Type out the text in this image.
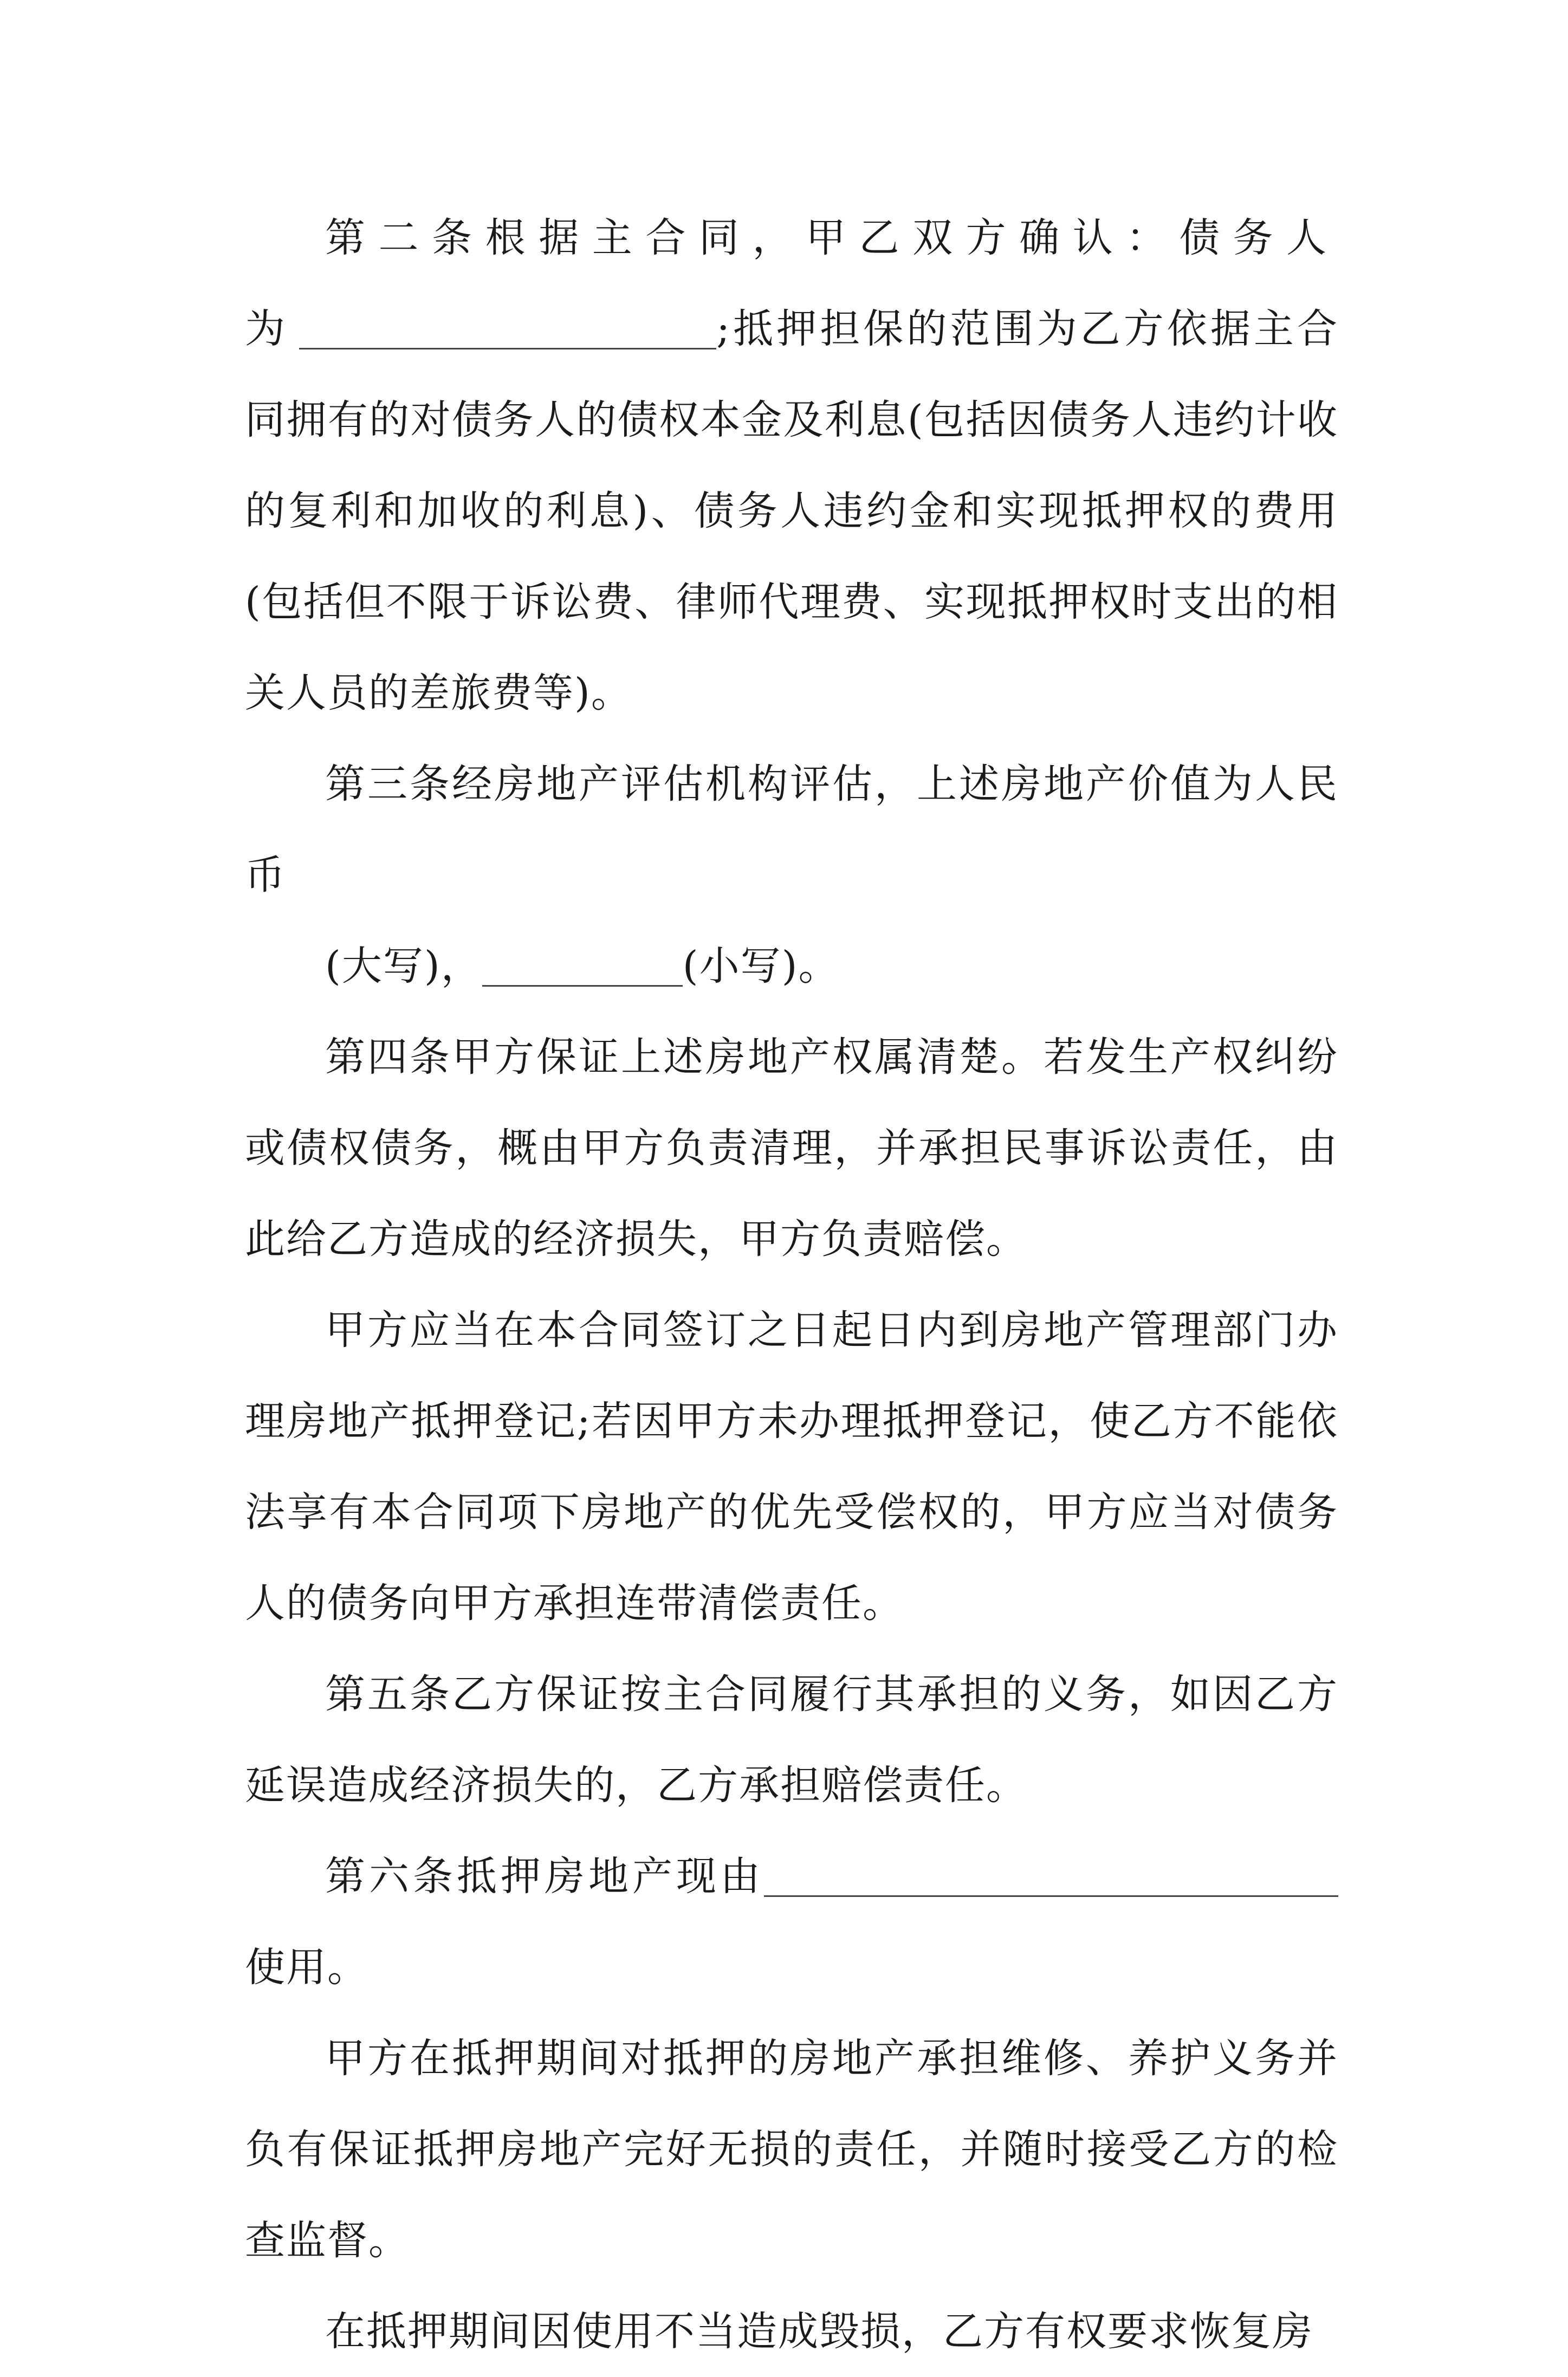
第二条根据主合同，甲乙双方确认：债务人为	;抵押担保的范围为乙方依据主合同拥有的对债务人的债权本金及利息(包括因债务人违约计收的复利和加收的利息)、债务人违约金和实现抵押权的费用(包括但不限于诉讼费、律师代理费、实现抵押权时支出的相关人员的差旅费等)。

第三条经房地产评估机构评估，上述房地产价值为人民币

(大写)，	(小写)。

第四条甲方保证上述房地产权属清楚。若发生产权纠纷或债权债务，概由甲方负责清理，并承担民事诉讼责任，由此给乙方造成的经济损失，甲方负责赔偿。

甲方应当在本合同签订之日起日内到房地产管理部门办理房地产抵押登记;若因甲方未办理抵押登记，使乙方不能依法享有本合同项下房地产的优先受偿权的，甲方应当对债务人的债务向甲方承担连带清偿责任。

第五条乙方保证按主合同履行其承担的义务，如因乙方延误造成经济损失的，乙方承担赔偿责任。

第六条抵押房地产现由使用。

甲方在抵押期间对抵押的房地产承担维修、养护义务并负有保证抵押房地产完好无损的责任，并随时接受乙方的检查监督。

在抵押期间因使用不当造成毁损，乙方有权要求恢复房
